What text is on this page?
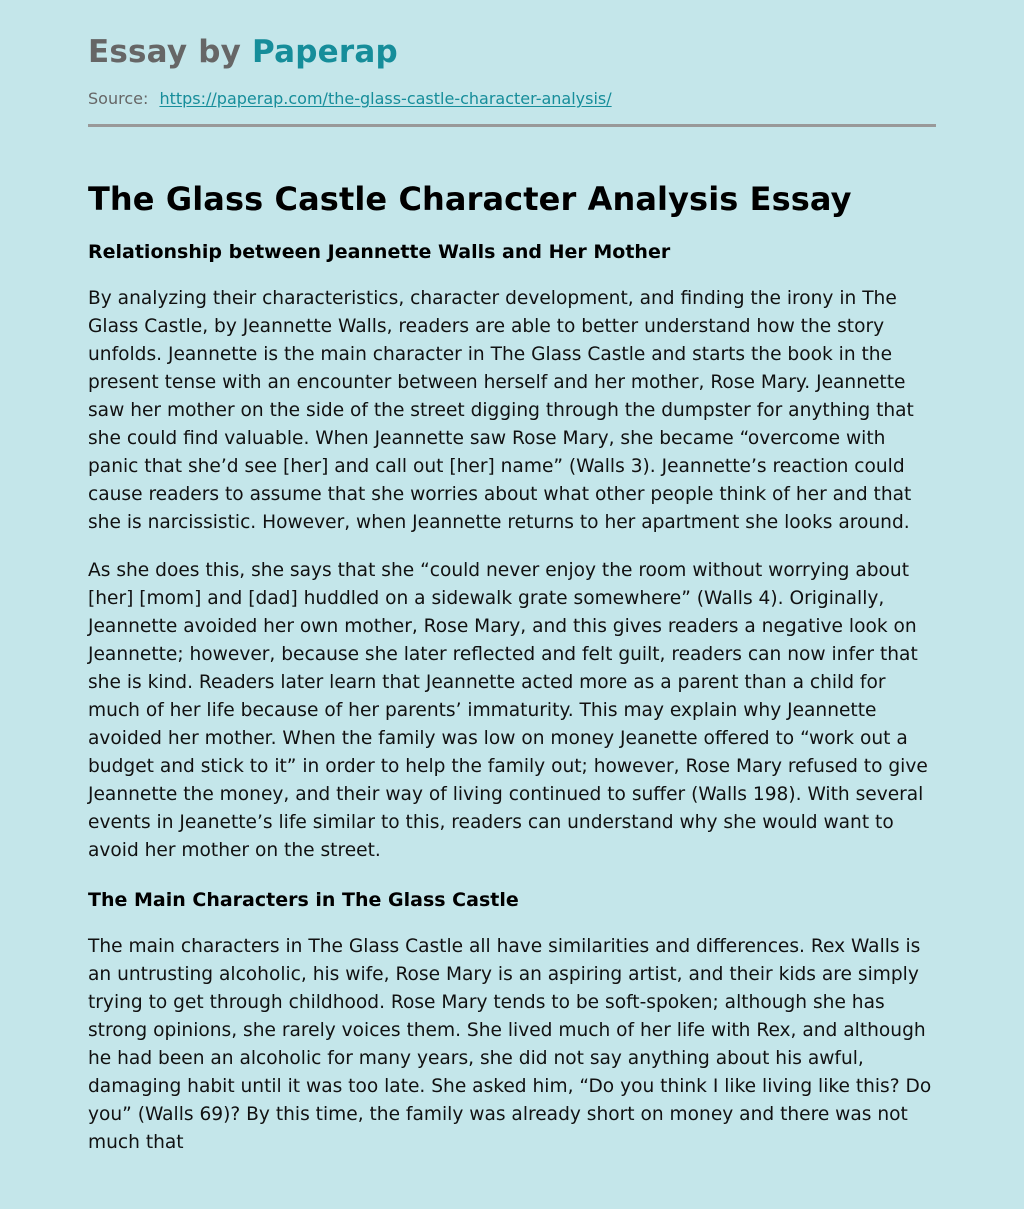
Essay by Paperap
Source: https://paperap.com/the-glass-castle-character-analysis/
The Glass Castle Character Analysis Essay
Relationship between Jeannette Walls and Her Mother

By analyzing their characteristics, character development, and finding the irony in The Glass Castle, by Jeannette Walls, readers are able to better understand how the story unfolds. Jeannette is the main character in The Glass Castle and starts the book in the present tense with an encounter between herself and her mother, Rose Mary. Jeannette saw her mother on the side of the street digging through the dumpster for anything that she could find valuable. When Jeannette saw Rose Mary, she became “overcome with panic that she’d see [her] and call out [her] name” (Walls 3). Jeannette’s reaction could cause readers to assume that she worries about what other people think of her and that she is narcissistic. However, when Jeannette returns to her apartment she looks around.

As she does this, she says that she “could never enjoy the room without worrying about [her] [mom] and [dad] huddled on a sidewalk grate somewhere” (Walls 4). Originally, Jeannette avoided her own mother, Rose Mary, and this gives readers a negative look on Jeannette; however, because she later reflected and felt guilt, readers can now infer that she is kind. Readers later learn that Jeannette acted more as a parent than a child for much of her life because of her parents’ immaturity. This may explain why Jeannette avoided her mother. When the family was low on money Jeanette offered to “work out a budget and stick to it” in order to help the family out; however, Rose Mary refused to give Jeannette the money, and their way of living continued to suffer (Walls 198). With several events in Jeanette’s life similar to this, readers can understand why she would want to avoid her mother on the street.

The Main Characters in The Glass Castle

The main characters in The Glass Castle all have similarities and differences. Rex Walls is an untrusting alcoholic, his wife, Rose Mary is an aspiring artist, and their kids are simply trying to get through childhood. Rose Mary tends to be soft-spoken; although she has strong opinions, she rarely voices them. She lived much of her life with Rex, and although he had been an alcoholic for many years, she did not say anything about his awful, damaging habit until it was too late. She asked him, “Do you think I like living like this? Do you” (Walls 69)? By this time, the family was already short on money and there was not much that
